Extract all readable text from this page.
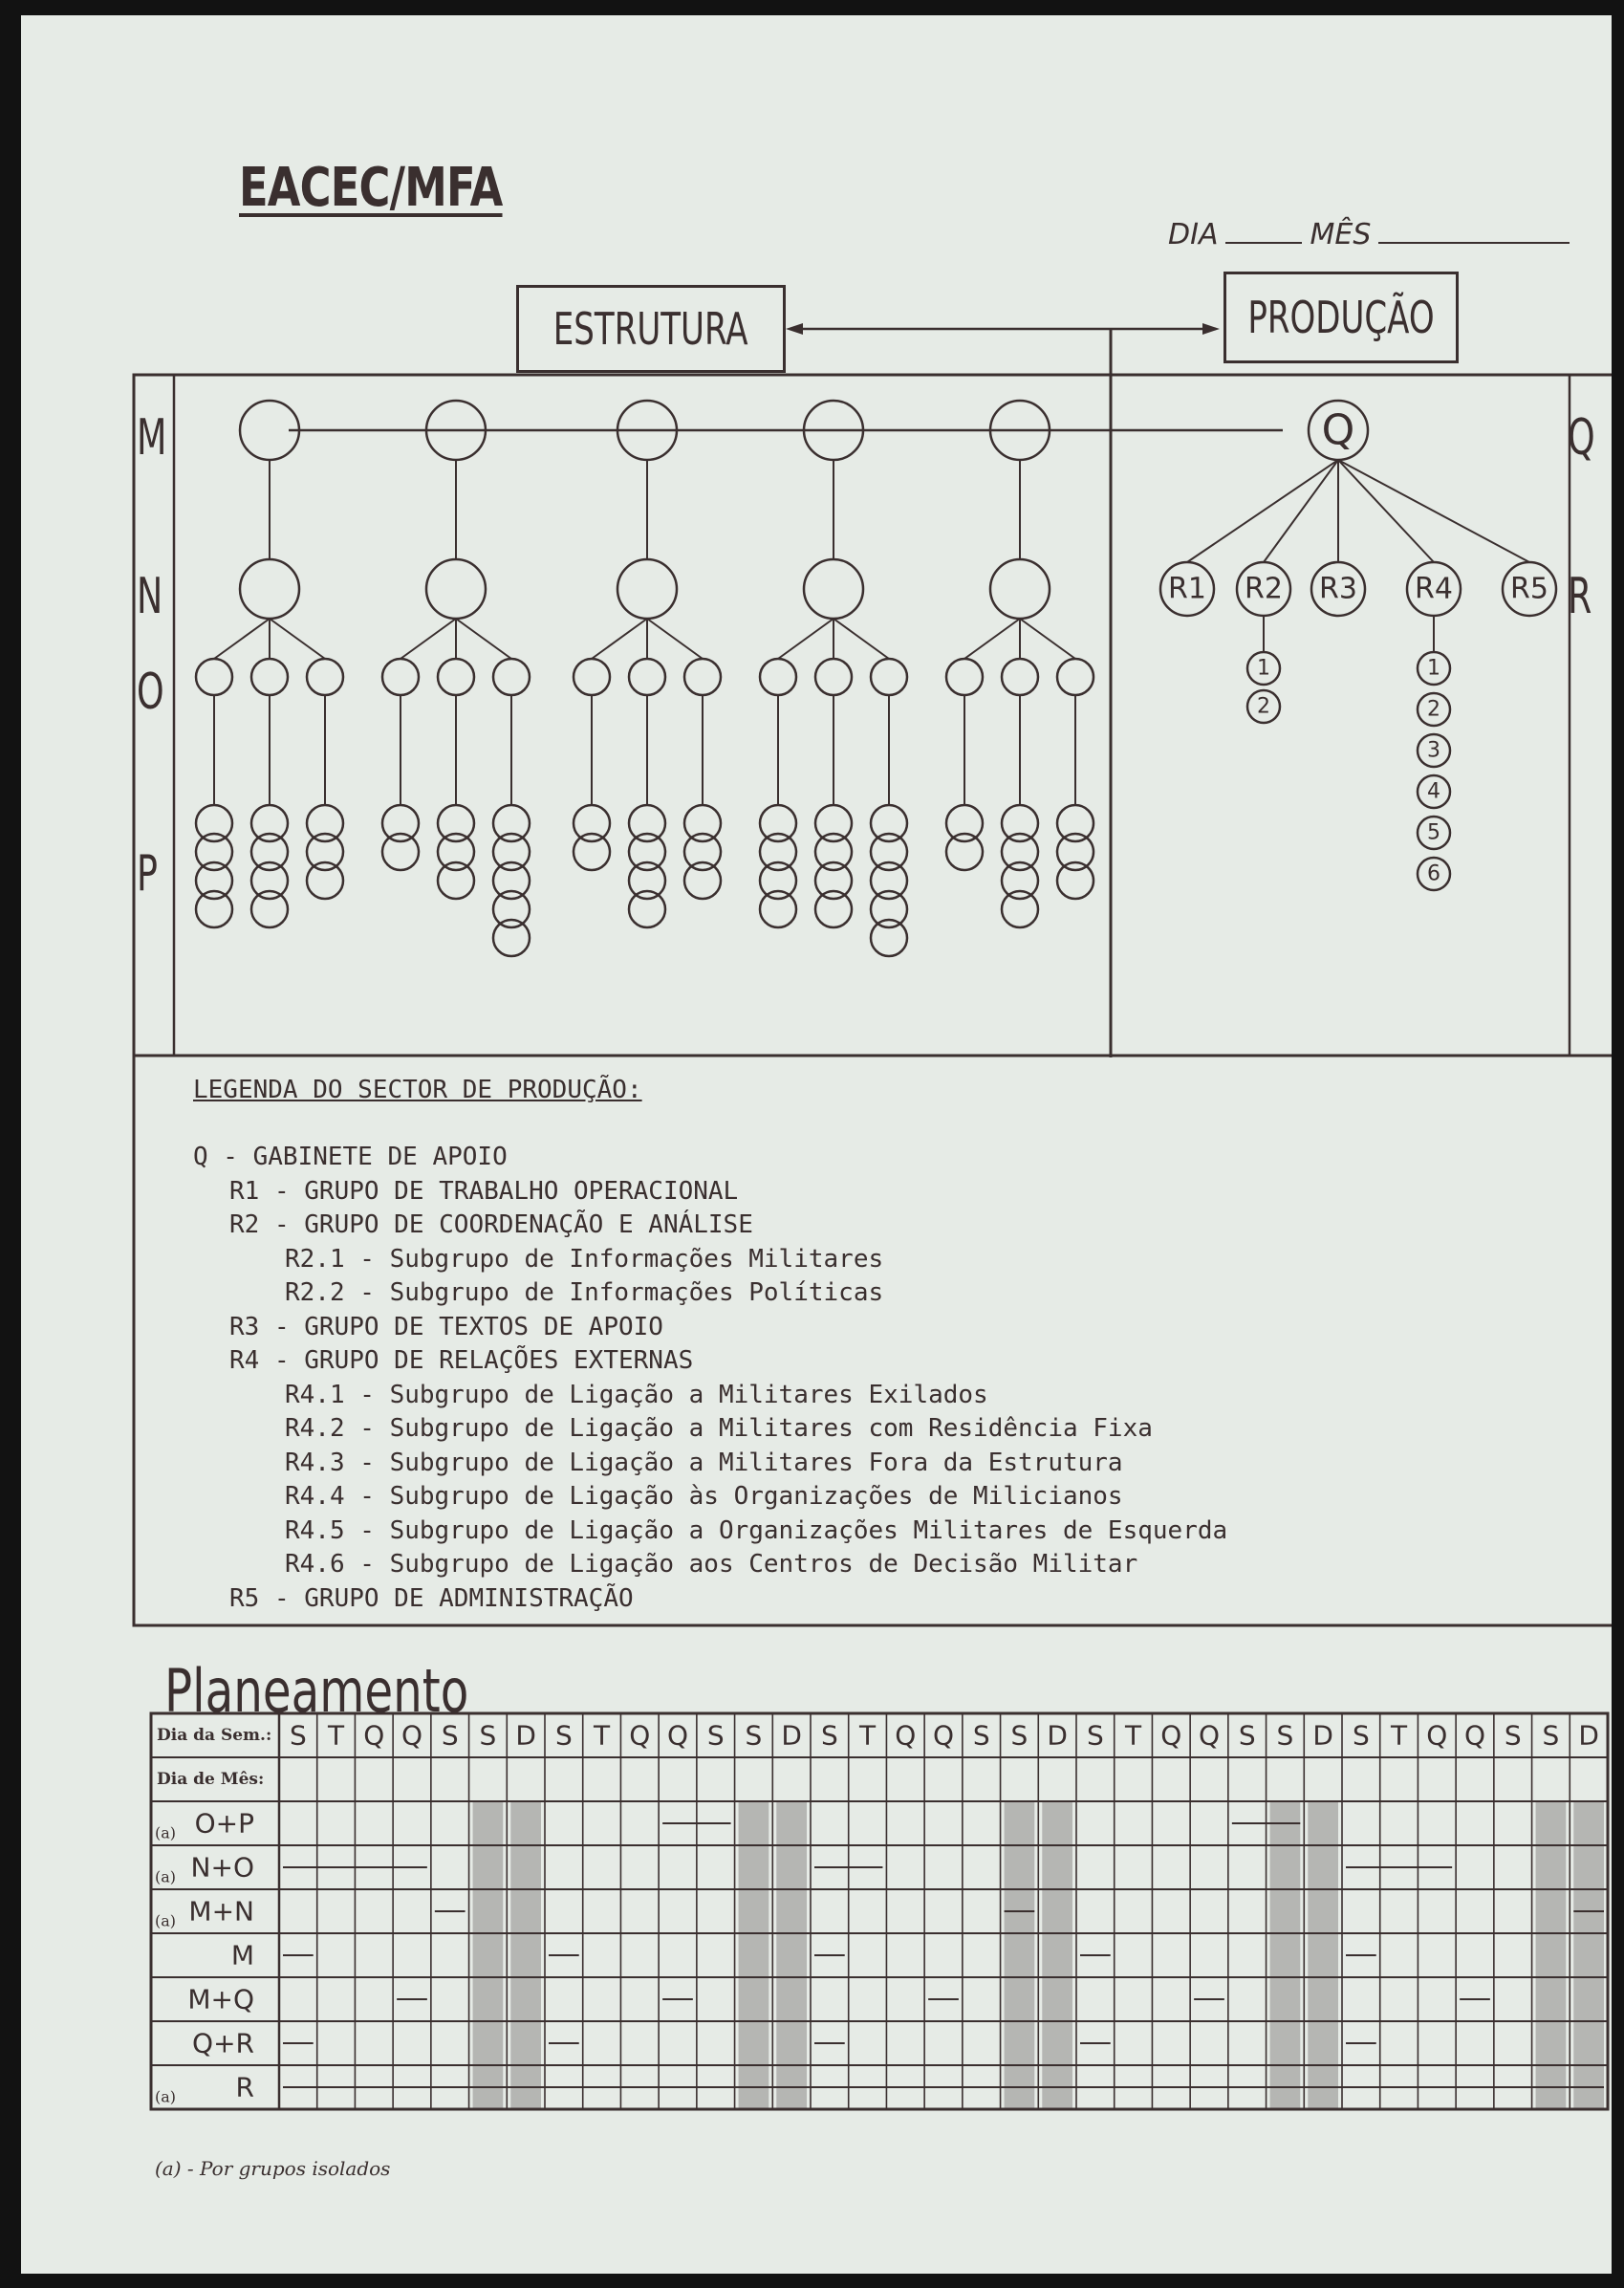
EACEC/MFA
DIA	MÊS
ESTRUTURA	PRODUÇÃO
Q
R1 R2 R3 R4 R5
1
2
1
2
3
4
5
6
M
N
O
P
Q
R
LEGENDA DO SECTOR DE PRODUÇÃO:
Q - GABINETE DE APOIO
R1 - GRUPO DE TRABALHO OPERACIONAL
R2 - GRUPO DE COORDENAÇÃO E ANÁLISE
R2.1 - Subgrupo de Informações Militares
R2.2 - Subgrupo de Informações Políticas
R3 - GRUPO DE TEXTOS DE APOIO
R4 - GRUPO DE RELAÇÕES EXTERNAS
R4.1 - Subgrupo de Ligação a Militares Exilados
R4.2 - Subgrupo de Ligação a Militares com Residência Fixa
R4.3 - Subgrupo de Ligação a Militares Fora da Estrutura
R4.4 - Subgrupo de Ligação às Organizações de Milicianos
R4.5 - Subgrupo de Ligação a Organizações Militares de Esquerda
R4.6 - Subgrupo de Ligação aos Centros de Decisão Militar
R5 - GRUPO DE ADMINISTRAÇÃO
Planeamento
Dia da Sem.:
Dia de Mês:
S T Q Q S S D S T Q Q S S D S T Q Q S S D S T Q Q S S D S T Q Q S S D
O+P
(a)
N+O
(a)
M+N
(a)
M
M+Q
Q+R
R
(a)
(a) - Por grupos isolados
